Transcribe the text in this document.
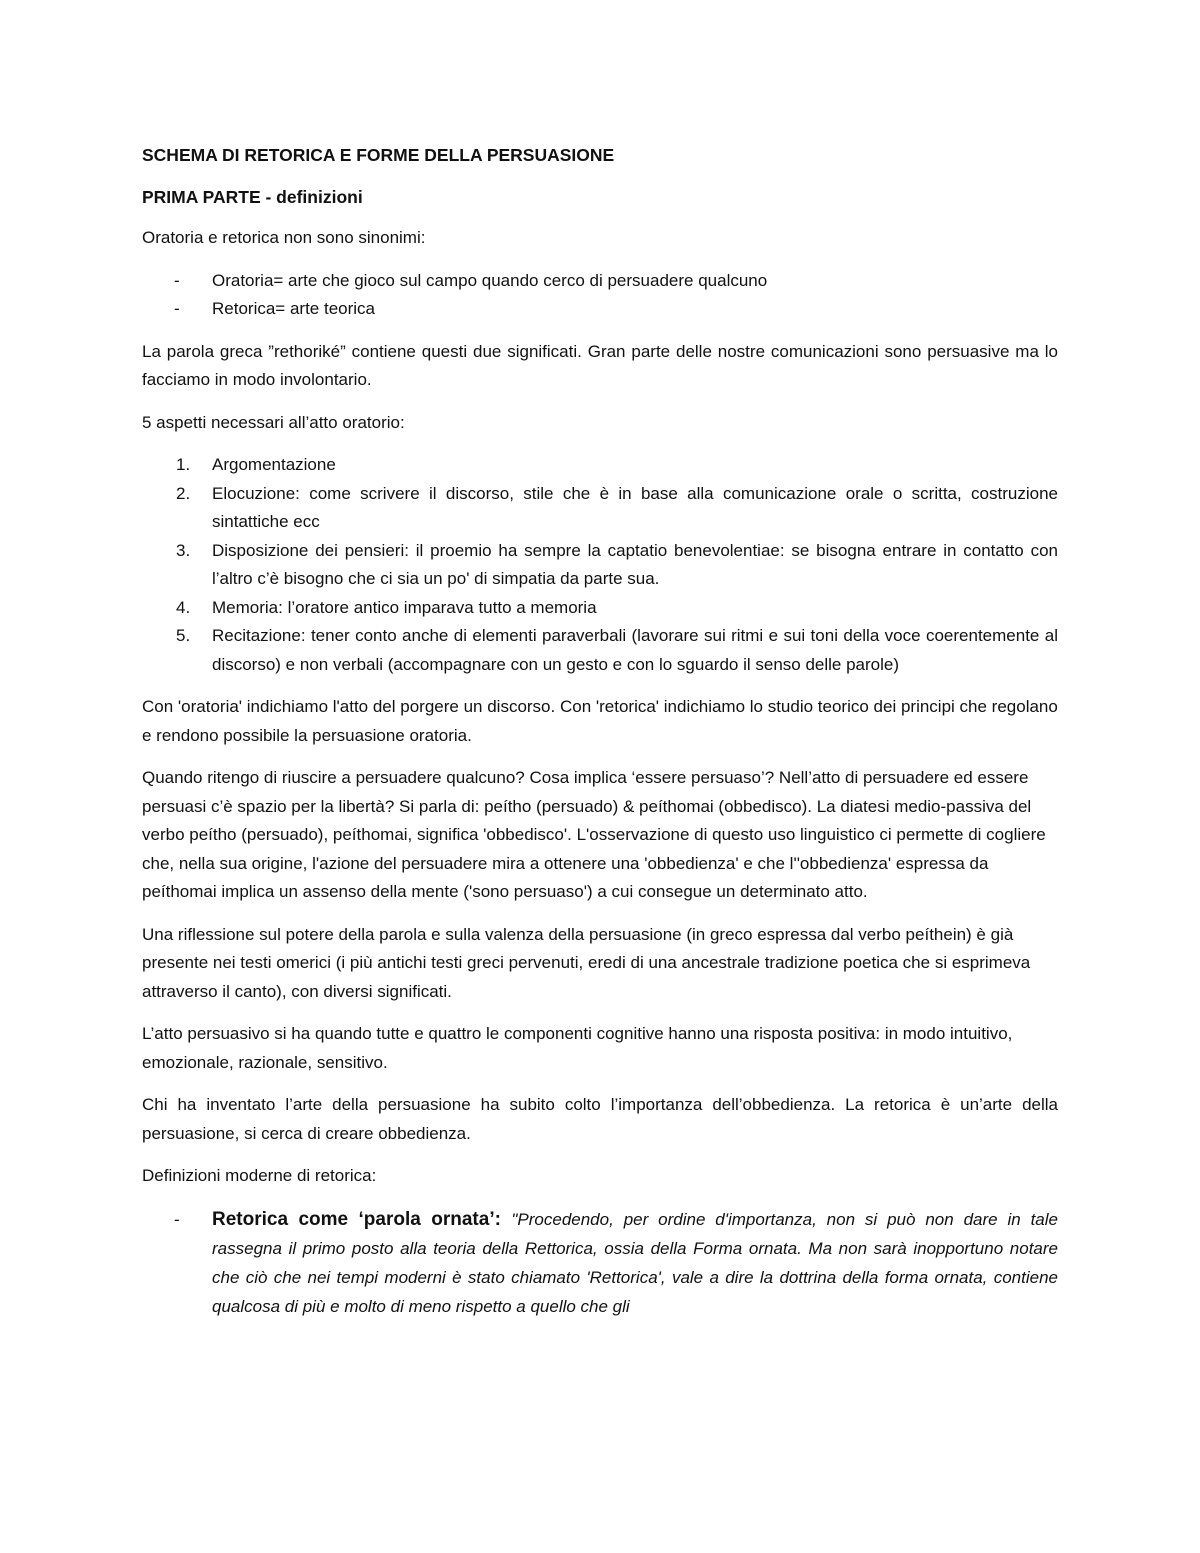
SCHEMA DI RETORICA E FORME DELLA PERSUASIONE
PRIMA PARTE - definizioni

Oratoria e retorica non sono sinonimi:

- Oratoria= arte che gioco sul campo quando cerco di persuadere qualcuno
- Retorica= arte teorica

La parola greca ”rethoriké” contiene questi due significati. Gran parte delle nostre comunicazioni sono persuasive ma lo facciamo in modo involontario.

5 aspetti necessari all’atto oratorio:

1. Argomentazione
2. Elocuzione: come scrivere il discorso, stile che è in base alla comunicazione orale o scritta, costruzione sintattiche ecc
3. Disposizione dei pensieri: il proemio ha sempre la captatio benevolentiae: se bisogna entrare in contatto con l’altro c’è bisogno che ci sia un po' di simpatia da parte sua.
4. Memoria: l’oratore antico imparava tutto a memoria
5. Recitazione: tener conto anche di elementi paraverbali (lavorare sui ritmi e sui toni della voce coerentemente al discorso) e non verbali (accompagnare con un gesto e con lo sguardo il senso delle parole)

Con 'oratoria' indichiamo l'atto del porgere un discorso. Con 'retorica' indichiamo lo studio teorico dei principi che regolano e rendono possibile la persuasione oratoria.

Quando ritengo di riuscire a persuadere qualcuno? Cosa implica ‘essere persuaso’? Nell’atto di persuadere ed essere persuasi c’è spazio per la libertà? Si parla di: peítho (persuado) & peíthomai (obbedisco). La diatesi medio-passiva del verbo peítho (persuado), peíthomai, significa 'obbedisco'. L'osservazione di questo uso linguistico ci permette di cogliere che, nella sua origine, l'azione del persuadere mira a ottenere una 'obbedienza' e che l''obbedienza' espressa da peíthomai implica un assenso della mente ('sono persuaso') a cui consegue un determinato atto.

Una riflessione sul potere della parola e sulla valenza della persuasione (in greco espressa dal verbo peíthein) è già presente nei testi omerici (i più antichi testi greci pervenuti, eredi di una ancestrale tradizione poetica che si esprimeva attraverso il canto), con diversi significati.

L’atto persuasivo si ha quando tutte e quattro le componenti cognitive hanno una risposta positiva: in modo intuitivo, emozionale, razionale, sensitivo.

Chi ha inventato l’arte della persuasione ha subito colto l’importanza dell’obbedienza. La retorica è un’arte della persuasione, si cerca di creare obbedienza.

Definizioni moderne di retorica:

- Retorica come ‘parola ornata’: "Procedendo, per ordine d'importanza, non si può non dare in tale rassegna il primo posto alla teoria della Rettorica, ossia della Forma ornata. Ma non sarà inopportuno notare che ciò che nei tempi moderni è stato chiamato 'Rettorica', vale a dire la dottrina della forma ornata, contiene qualcosa di più e molto di meno rispetto a quello che gli
